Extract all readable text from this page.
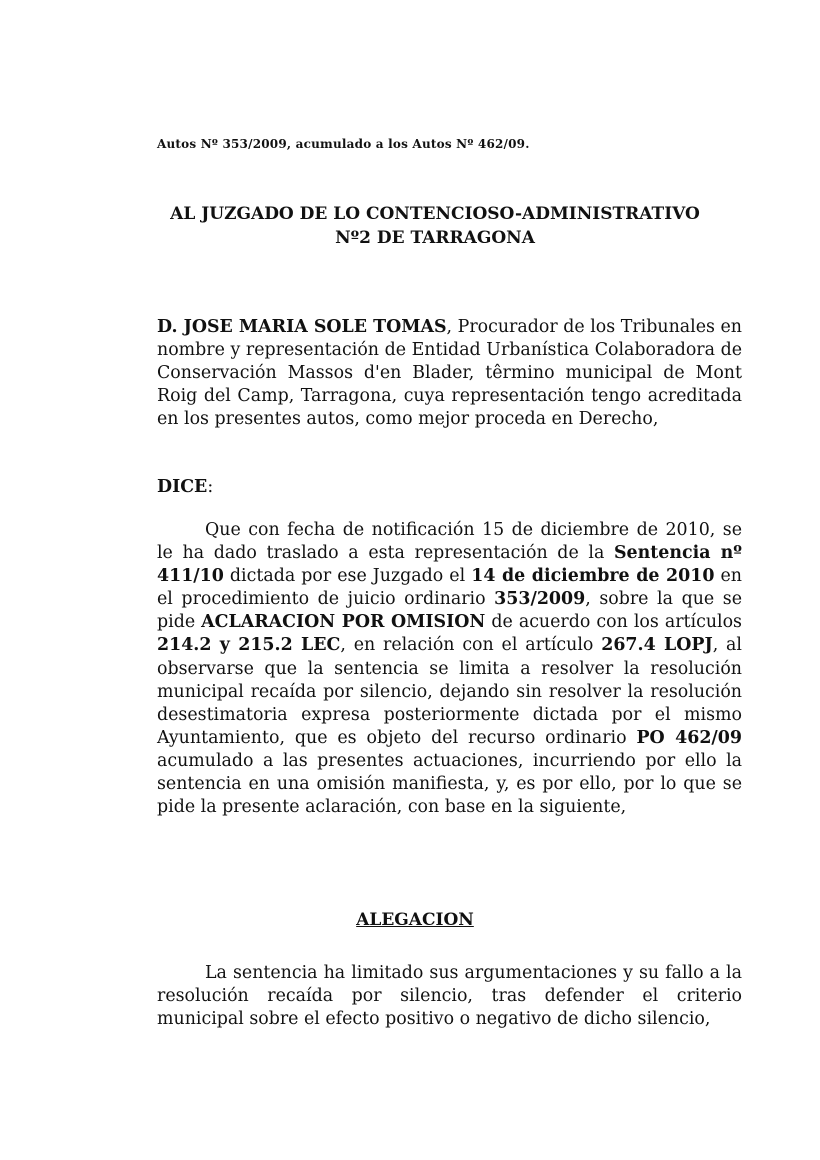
Autos Nº 353/2009, acumulado a los Autos Nº 462/09.
AL JUZGADO DE LO CONTENCIOSO-ADMINISTRATIVO
Nº2 DE TARRAGONA
D. JOSE MARIA SOLE TOMAS, Procurador de los Tribunales en nombre y representación de Entidad Urbanística Colaboradora de Conservación Massos d'en Blader, têrmino municipal de Mont Roig del Camp, Tarragona, cuya representación tengo acreditada en los presentes autos, como mejor proceda en Derecho,
DICE:
Que con fecha de notificación 15 de diciembre de 2010, se le ha dado traslado a esta representación de la Sentencia nº 411/10 dictada por ese Juzgado el 14 de diciembre de 2010 en el procedimiento de juicio ordinario 353/2009, sobre la que se pide ACLARACION POR OMISION de acuerdo con los artículos 214.2 y 215.2 LEC, en relación con el artículo 267.4 LOPJ, al observarse que la sentencia se limita a resolver la resolución municipal recaída por silencio, dejando sin resolver la resolución desestimatoria expresa posteriormente dictada por el mismo Ayuntamiento, que es objeto del recurso ordinario PO 462/09 acumulado a las presentes actuaciones, incurriendo por ello la sentencia en una omisión manifiesta, y, es por ello, por lo que se pide la presente aclaración, con base en la siguiente,
ALEGACION
La sentencia ha limitado sus argumentaciones y su fallo a la resolución recaída por silencio, tras defender el criterio municipal sobre el efecto positivo o negativo de dicho silencio,
